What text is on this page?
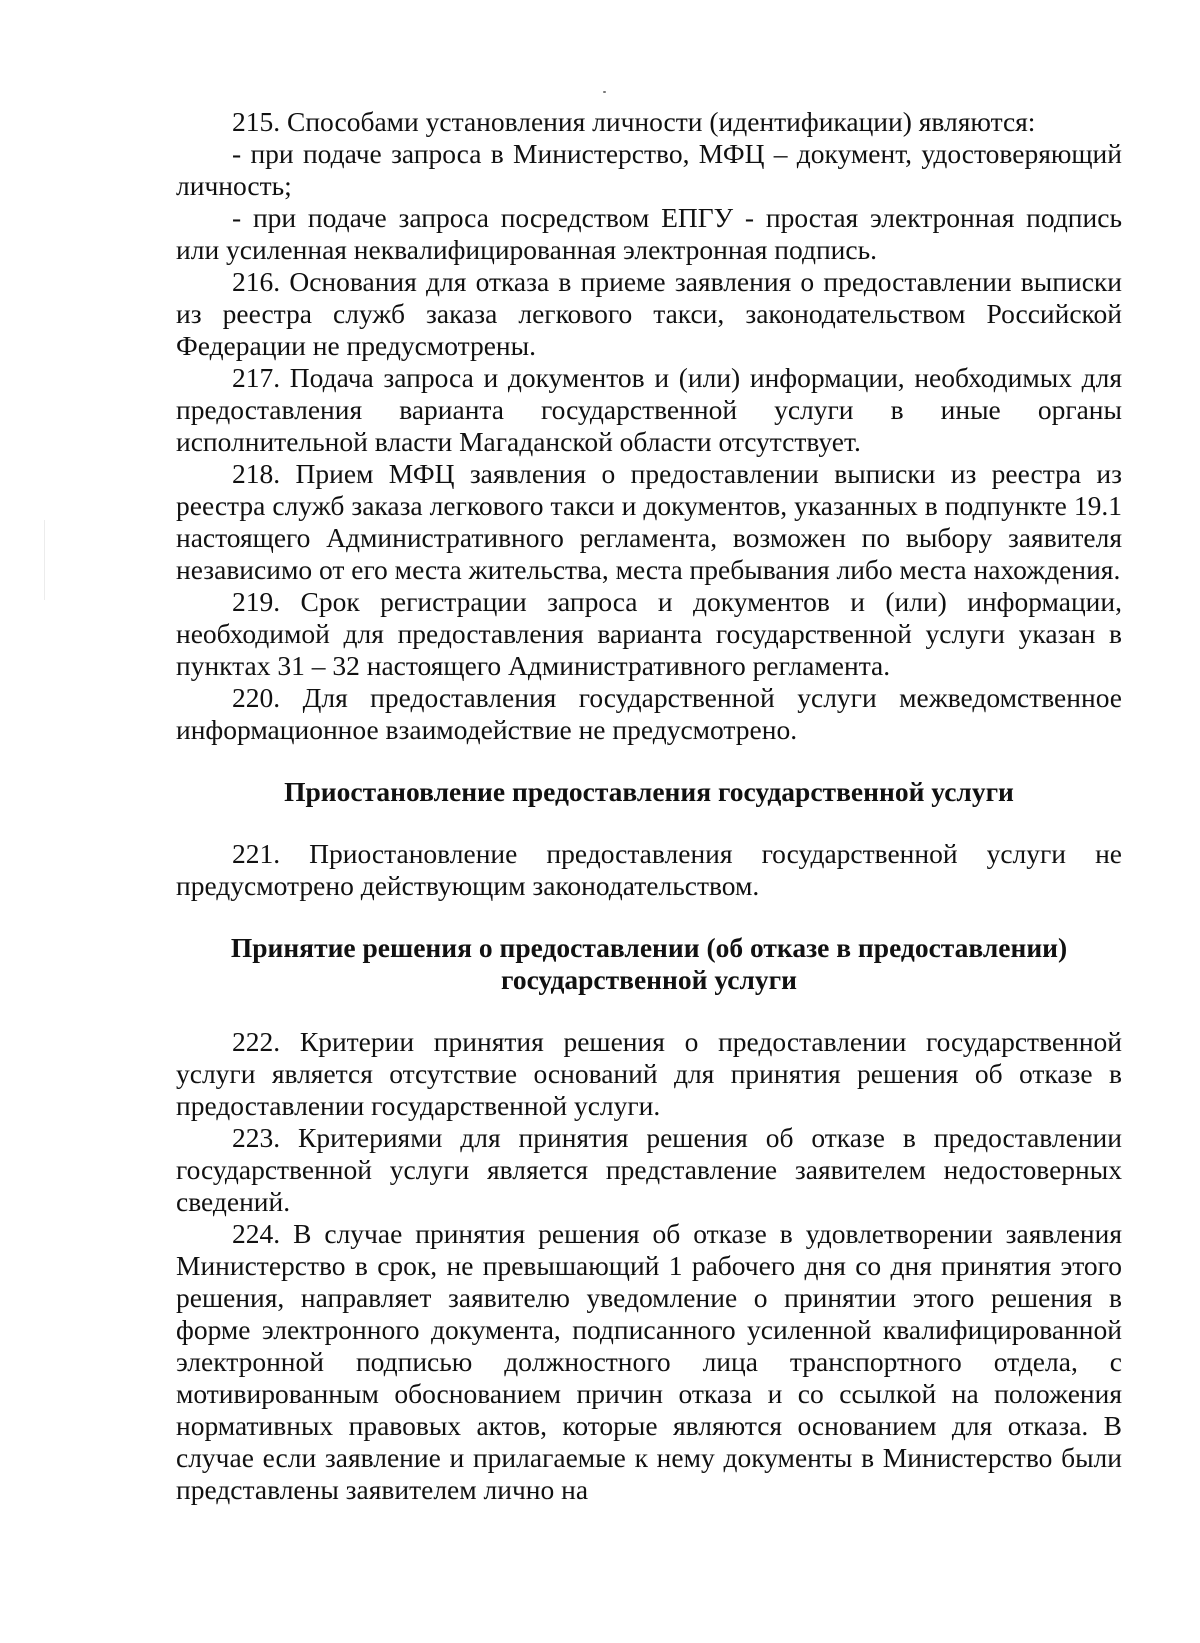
215. Способами установления личности (идентификации) являются:

- при подаче запроса в Министерство, МФЦ – документ, удостоверяющий личность;

- при подаче запроса посредством ЕПГУ - простая электронная подпись или усиленная неквалифицированная электронная подпись.

216. Основания для отказа в приеме заявления о предоставлении выписки из реестра служб заказа легкового такси, законодательством Российской Федерации не предусмотрены.

217. Подача запроса и документов и (или) информации, необходимых для предоставления варианта государственной услуги в иные органы исполнительной власти Магаданской области отсутствует.

218. Прием МФЦ заявления о предоставлении выписки из реестра из реестра служб заказа легкового такси и документов, указанных в подпункте 19.1 настоящего Административного регламента, возможен по выбору заявителя независимо от его места жительства, места пребывания либо места нахождения.

219. Срок регистрации запроса и документов и (или) информации, необходимой для предоставления варианта государственной услуги указан в пунктах 31 – 32 настоящего Административного регламента.

220. Для предоставления государственной услуги межведомственное информационное взаимодействие не предусмотрено.

Приостановление предоставления государственной услуги

221. Приостановление предоставления государственной услуги не предусмотрено действующим законодательством.

Принятие решения о предоставлении (об отказе в предоставлении)

государственной услуги

222. Критерии принятия решения о предоставлении государственной услуги является отсутствие оснований для принятия решения об отказе в предоставлении государственной услуги.

223. Критериями для принятия решения об отказе в предоставлении государственной услуги является представление заявителем недостоверных сведений.

224. В случае принятия решения об отказе в удовлетворении заявления Министерство в срок, не превышающий 1 рабочего дня со дня принятия этого решения, направляет заявителю уведомление о принятии этого решения в форме электронного документа, подписанного усиленной квалифицированной электронной подписью должностного лица транспортного отдела, с мотивированным обоснованием причин отказа и со ссылкой на положения нормативных правовых актов, которые являются основанием для отказа. В случае если заявление и прилагаемые к нему документы в Министерство были представлены заявителем лично на
